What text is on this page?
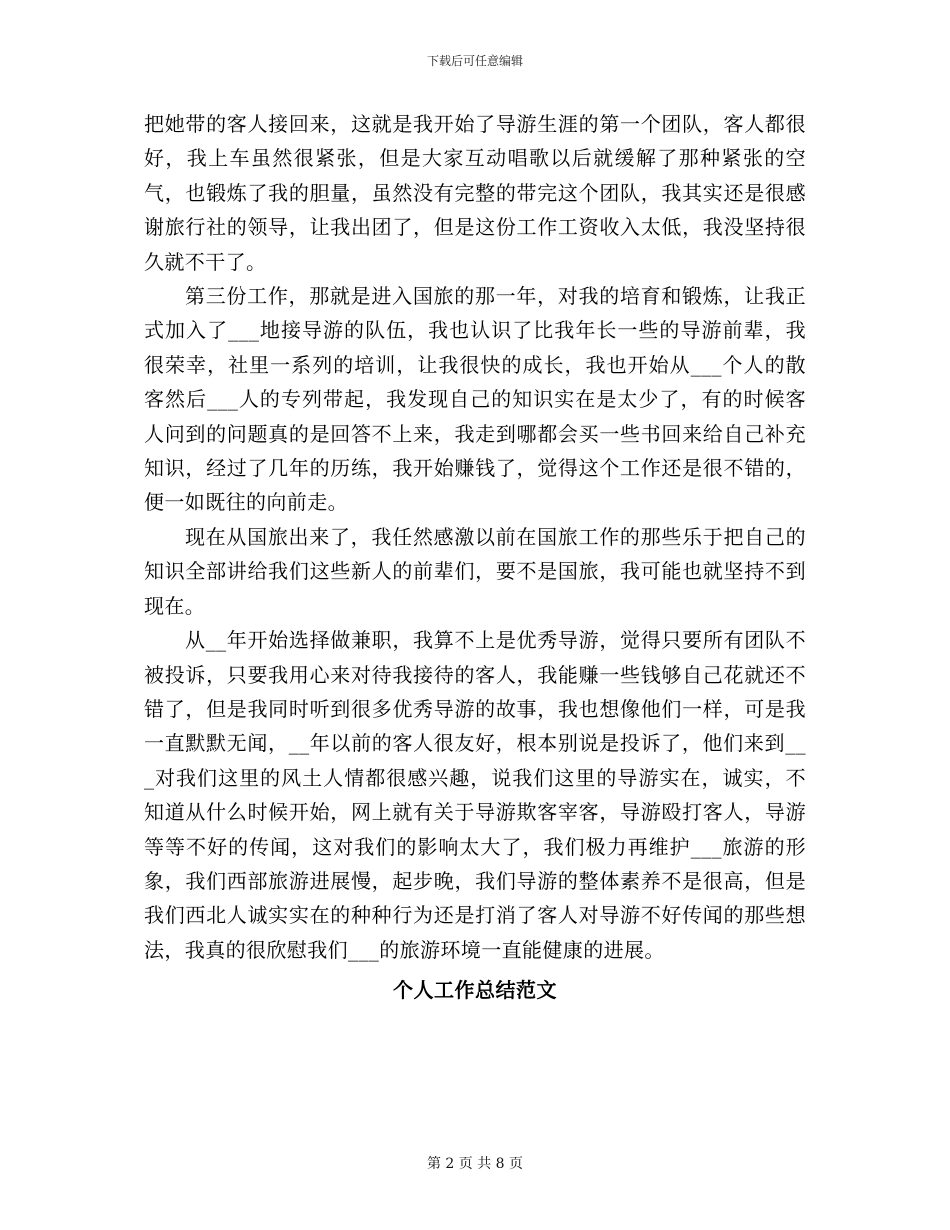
下载后可任意编辑

把她带的客人接回来，这就是我开始了导游生涯的第一个团队，客人都很好，我上车虽然很紧张，但是大家互动唱歌以后就缓解了那种紧张的空气，也锻炼了我的胆量，虽然没有完整的带完这个团队，我其实还是很感谢旅行社的领导，让我出团了，但是这份工作工资收入太低，我没坚持很久就不干了。

第三份工作，那就是进入国旅的那一年，对我的培育和锻炼，让我正式加入了___地接导游的队伍，我也认识了比我年长一些的导游前辈，我很荣幸，社里一系列的培训，让我很快的成长，我也开始从___个人的散客然后___人的专列带起，我发现自己的知识实在是太少了，有的时候客人问到的问题真的是回答不上来，我走到哪都会买一些书回来给自己补充知识，经过了几年的历练，我开始赚钱了，觉得这个工作还是很不错的，便一如既往的向前走。

现在从国旅出来了，我任然感激以前在国旅工作的那些乐于把自己的知识全部讲给我们这些新人的前辈们，要不是国旅，我可能也就坚持不到现在。

从__年开始选择做兼职，我算不上是优秀导游，觉得只要所有团队不被投诉，只要我用心来对待我接待的客人，我能赚一些钱够自己花就还不错了，但是我同时听到很多优秀导游的故事，我也想像他们一样，可是我一直默默无闻，__年以前的客人很友好，根本别说是投诉了，他们来到___对我们这里的风土人情都很感兴趣，说我们这里的导游实在，诚实，不知道从什么时候开始，网上就有关于导游欺客宰客，导游殴打客人，导游等等不好的传闻，这对我们的影响太大了，我们极力再维护___旅游的形象，我们西部旅游进展慢，起步晚，我们导游的整体素养不是很高，但是我们西北人诚实实在的种种行为还是打消了客人对导游不好传闻的那些想法，我真的很欣慰我们___的旅游环境一直能健康的进展。

个人工作总结范文
第 2 页 共 8 页
